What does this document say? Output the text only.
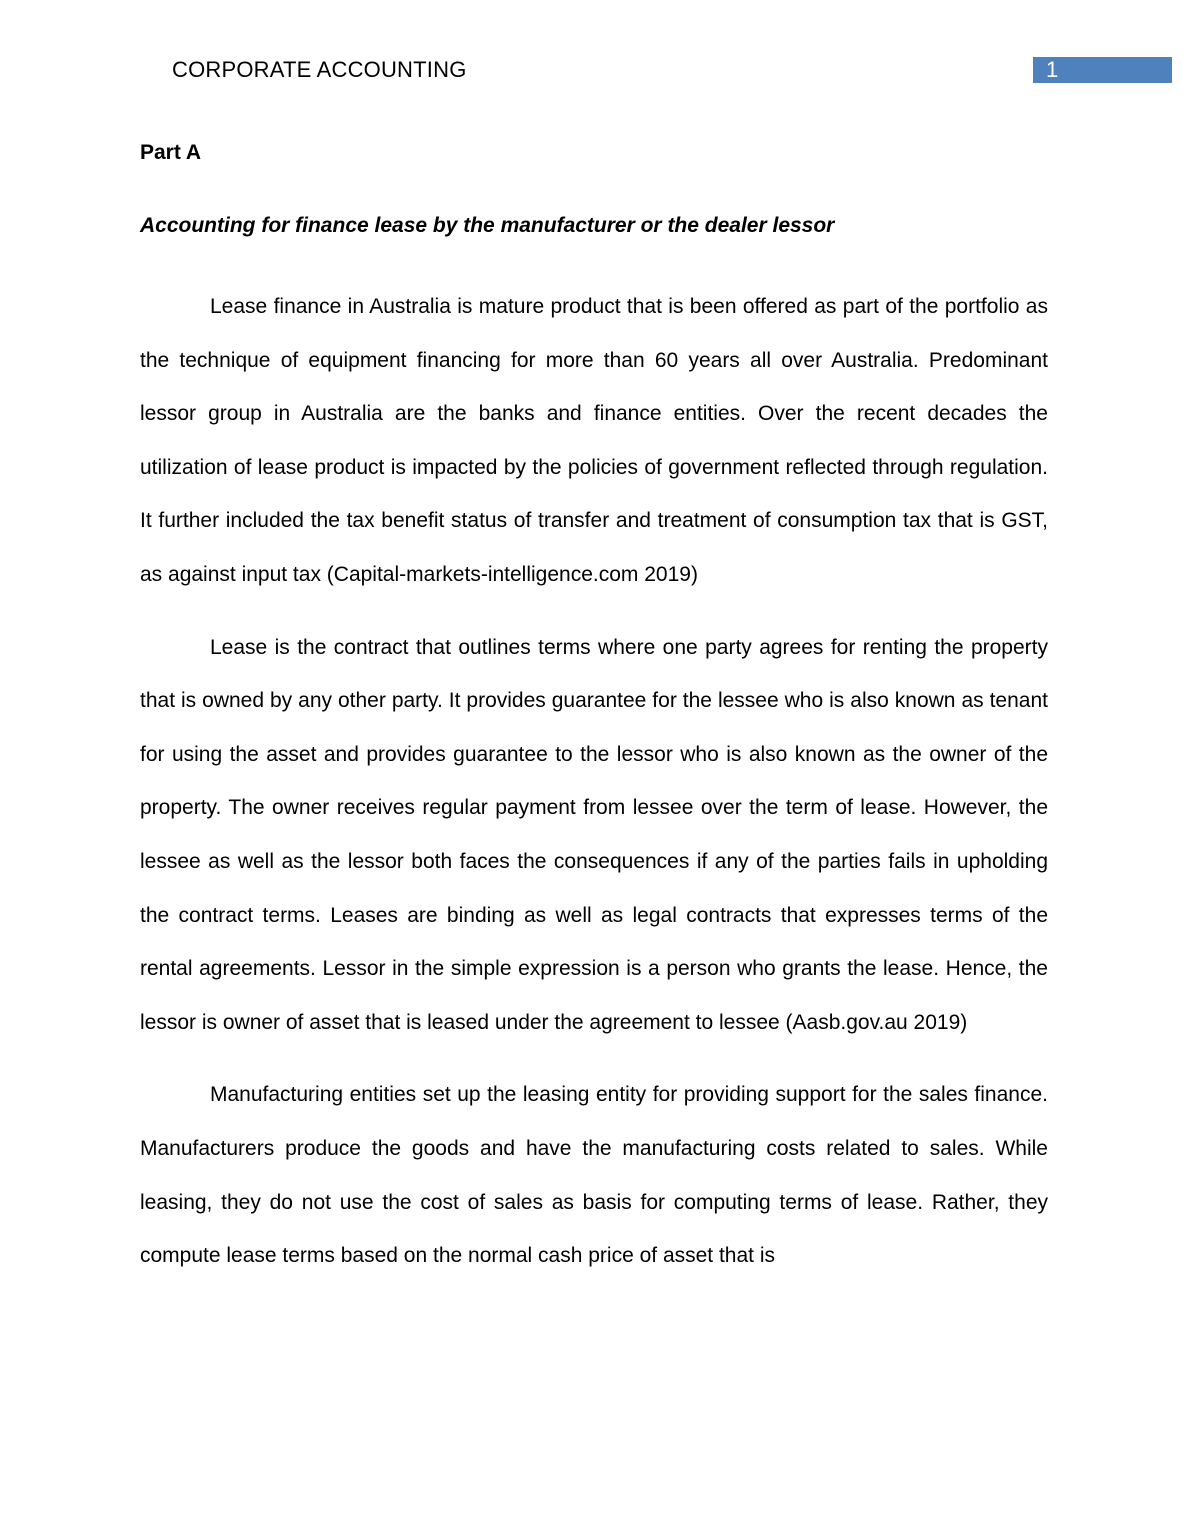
CORPORATE ACCOUNTING	1
Part A
Accounting for finance lease by the manufacturer or the dealer lessor

Lease finance in Australia is mature product that is been offered as part of the portfolio as the technique of equipment financing for more than 60 years all over Australia. Predominant lessor group in Australia are the banks and finance entities. Over the recent decades the utilization of lease product is impacted by the policies of government reflected through regulation. It further included the tax benefit status of transfer and treatment of consumption tax that is GST, as against input tax (Capital-markets-intelligence.com 2019)

Lease is the contract that outlines terms where one party agrees for renting the property that is owned by any other party. It provides guarantee for the lessee who is also known as tenant for using the asset and provides guarantee to the lessor who is also known as the owner of the property. The owner receives regular payment from lessee over the term of lease. However, the lessee as well as the lessor both faces the consequences if any of the parties fails in upholding the contract terms. Leases are binding as well as legal contracts that expresses terms of the rental agreements. Lessor in the simple expression is a person who grants the lease. Hence, the lessor is owner of asset that is leased under the agreement to lessee (Aasb.gov.au 2019)

Manufacturing entities set up the leasing entity for providing support for the sales finance. Manufacturers produce the goods and have the manufacturing costs related to sales. While leasing, they do not use the cost of sales as basis for computing terms of lease. Rather, they compute lease terms based on the normal cash price of asset that is
